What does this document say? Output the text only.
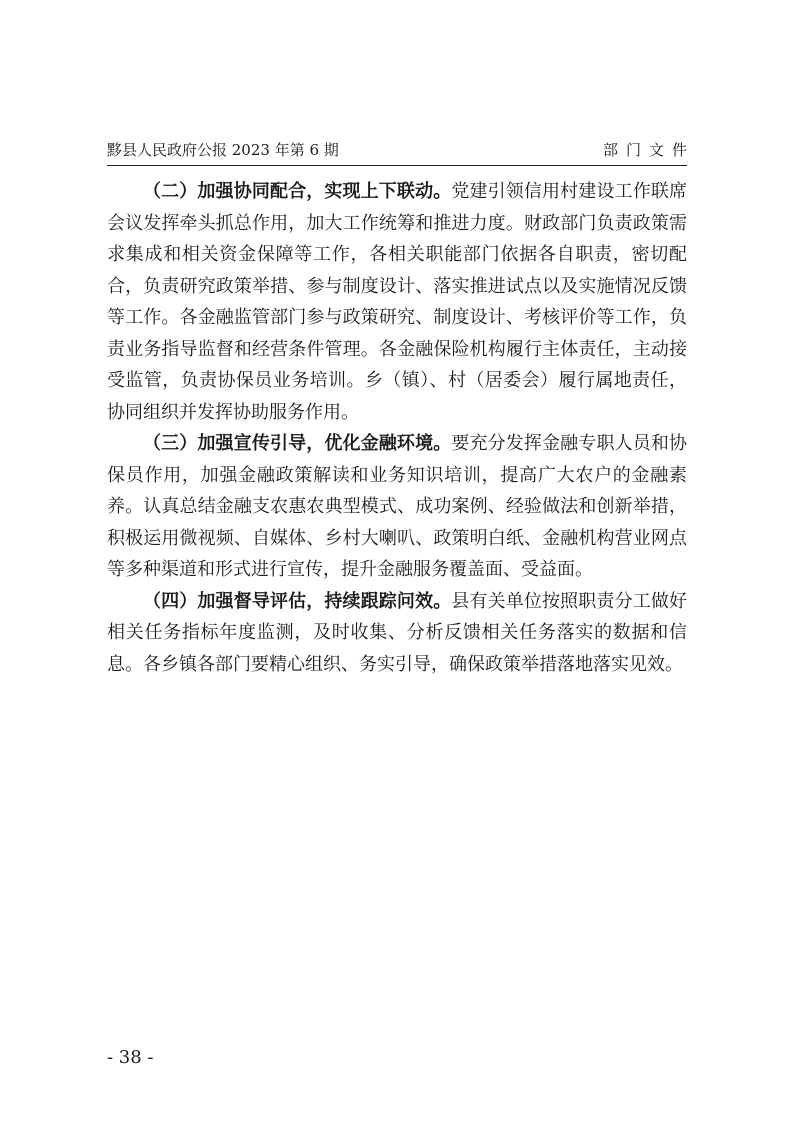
黟县人民政府公报 2023 年第 6 期	部门文件

（二）加强协同配合，实现上下联动。党建引领信用村建设工作联席会议发挥牵头抓总作用，加大工作统筹和推进力度。财政部门负责政策需求集成和相关资金保障等工作，各相关职能部门依据各自职责，密切配合，负责研究政策举措、参与制度设计、落实推进试点以及实施情况反馈等工作。各金融监管部门参与政策研究、制度设计、考核评价等工作，负责业务指导监督和经营条件管理。各金融保险机构履行主体责任，主动接受监管，负责协保员业务培训。乡（镇）、村（居委会）履行属地责任，协同组织并发挥协助服务作用。

（三）加强宣传引导，优化金融环境。要充分发挥金融专职人员和协保员作用，加强金融政策解读和业务知识培训，提高广大农户的金融素养。认真总结金融支农惠农典型模式、成功案例、经验做法和创新举措，积极运用微视频、自媒体、乡村大喇叭、政策明白纸、金融机构营业网点等多种渠道和形式进行宣传，提升金融服务覆盖面、受益面。

（四）加强督导评估，持续跟踪问效。县有关单位按照职责分工做好相关任务指标年度监测，及时收集、分析反馈相关任务落实的数据和信息。各乡镇各部门要精心组织、务实引导，确保政策举措落地落实见效。

- 38 -
